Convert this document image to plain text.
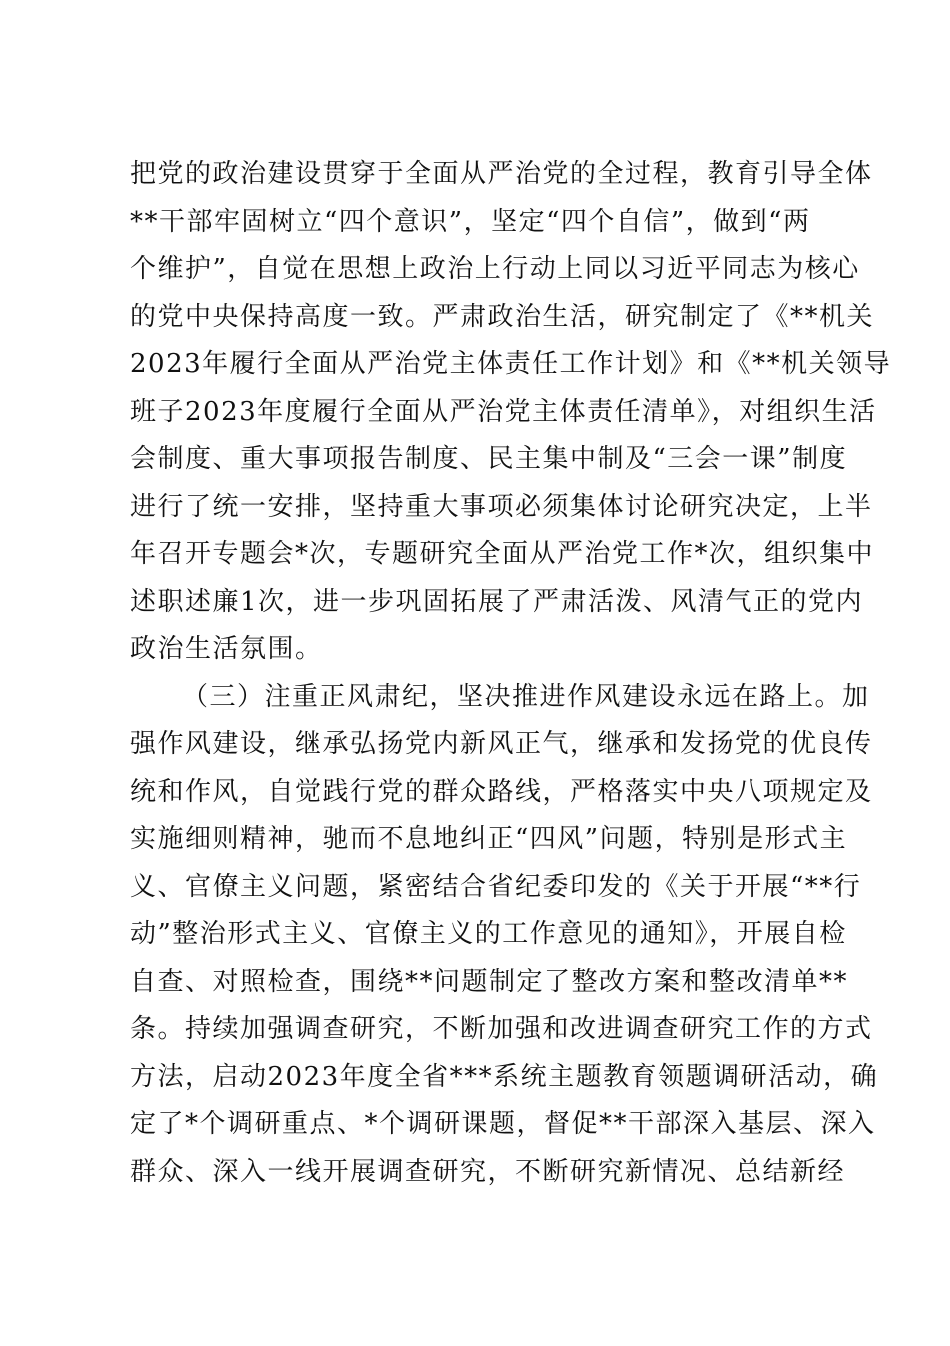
把党的政治建设贯穿于全面从严治党的全过程，教育引导全体
**干部牢固树立“四个意识”，坚定“四个自信”，做到“两
个维护”，自觉在思想上政治上行动上同以习近平同志为核心
的党中央保持高度一致。严肃政治生活，研究制定了《**机关
2023年履行全面从严治党主体责任工作计划》和《**机关领导
班子2023年度履行全面从严治党主体责任清单》，对组织生活
会制度、重大事项报告制度、民主集中制及“三会一课”制度
进行了统一安排，坚持重大事项必须集体讨论研究决定，上半
年召开专题会*次，专题研究全面从严治党工作*次，组织集中
述职述廉1次，进一步巩固拓展了严肃活泼、风清气正的党内
政治生活氛围。
（三）注重正风肃纪，坚决推进作风建设永远在路上。加
强作风建设，继承弘扬党内新风正气，继承和发扬党的优良传
统和作风，自觉践行党的群众路线，严格落实中央八项规定及
实施细则精神，驰而不息地纠正“四风”问题，特别是形式主
义、官僚主义问题，紧密结合省纪委印发的《关于开展“**行
动”整治形式主义、官僚主义的工作意见的通知》，开展自检
自查、对照检查，围绕**问题制定了整改方案和整改清单**
条。持续加强调查研究，不断加强和改进调查研究工作的方式
方法，启动2023年度全省***系统主题教育领题调研活动，确
定了*个调研重点、*个调研课题，督促**干部深入基层、深入
群众、深入一线开展调查研究，不断研究新情况、总结新经
